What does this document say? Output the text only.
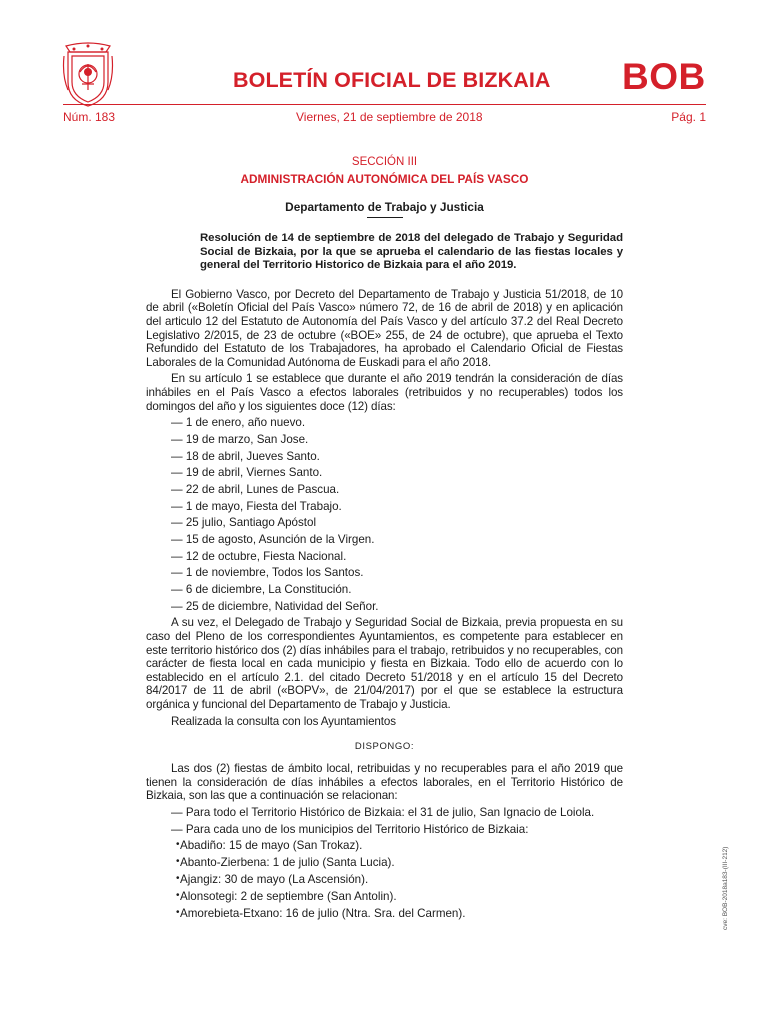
BOLETÍN OFICIAL DE BIZKAIA BOB
Núm. 183	Viernes, 21 de septiembre de 2018	Pág. 1
SECCIÓN III
ADMINISTRACIÓN AUTONÓMICA DEL PAÍS VASCO
Departamento de Trabajo y Justicia
Resolución de 14 de septiembre de 2018 del delegado de Trabajo y Seguridad Social de Bizkaia, por la que se aprueba el calendario de las fiestas locales y general del Territorio Historico de Bizkaia para el año 2019.

El Gobierno Vasco, por Decreto del Departamento de Trabajo y Justicia 51/2018, de 10 de abril («Boletín Oficial del País Vasco» número 72, de 16 de abril de 2018) y en aplicación del articulo 12 del Estatuto de Autonomía del País Vasco y del artículo 37.2 del Real Decreto Legislativo 2/2015, de 23 de octubre («BOE» 255, de 24 de octubre), que aprueba el Texto Refundido del Estatuto de los Trabajadores, ha aprobado el Calendario Oficial de Fiestas Laborales de la Comunidad Autónoma de Euskadi para el año 2018.

En su artículo 1 se establece que durante el año 2019 tendrán la consideración de días inhábiles en el País Vasco a efectos laborales (retribuidos y no recuperables) todos los domingos del año y los siguientes doce (12) días:

— 1 de enero, año nuevo.
— 19 de marzo, San Jose.
— 18 de abril, Jueves Santo.
— 19 de abril, Viernes Santo.
— 22 de abril, Lunes de Pascua.
— 1 de mayo, Fiesta del Trabajo.
— 25 julio, Santiago Apóstol
— 15 de agosto, Asunción de la Virgen.
— 12 de octubre, Fiesta Nacional.
— 1 de noviembre, Todos los Santos.
— 6 de diciembre, La Constitución.
— 25 de diciembre, Natividad del Señor.

A su vez, el Delegado de Trabajo y Seguridad Social de Bizkaia, previa propuesta en su caso del Pleno de los correspondientes Ayuntamientos, es competente para establecer en este territorio histórico dos (2) días inhábiles para el trabajo, retribuidos y no recuperables, con carácter de fiesta local en cada municipio y fiesta en Bizkaia. Todo ello de acuerdo con lo establecido en el artículo 2.1. del citado Decreto 51/2018 y en el artículo 15 del Decreto 84/2017 de 11 de abril («BOPV», de 21/04/2017) por el que se establece la estructura orgánica y funcional del Departamento de Trabajo y Justicia.

Realizada la consulta con los Ayuntamientos

DISPONGO:

Las dos (2) fiestas de ámbito local, retribuidas y no recuperables para el año 2019 que tienen la consideración de días inhábiles a efectos laborales, en el Territorio Histórico de Bizkaia, son las que a continuación se relacionan:

— Para todo el Territorio Histórico de Bizkaia: el 31 de julio, San Ignacio de Loiola.
— Para cada uno de los municipios del Territorio Histórico de Bizkaia:
• Abadiño: 15 de mayo (San Trokaz).
• Abanto-Zierbena: 1 de julio (Santa Lucia).
• Ajangiz: 30 de mayo (La Ascensión).
• Alonsotegi: 2 de septiembre (San Antolin).
• Amorebieta-Etxano: 16 de julio (Ntra. Sra. del Carmen).	cve: BOB-2018a183-(III-212)
